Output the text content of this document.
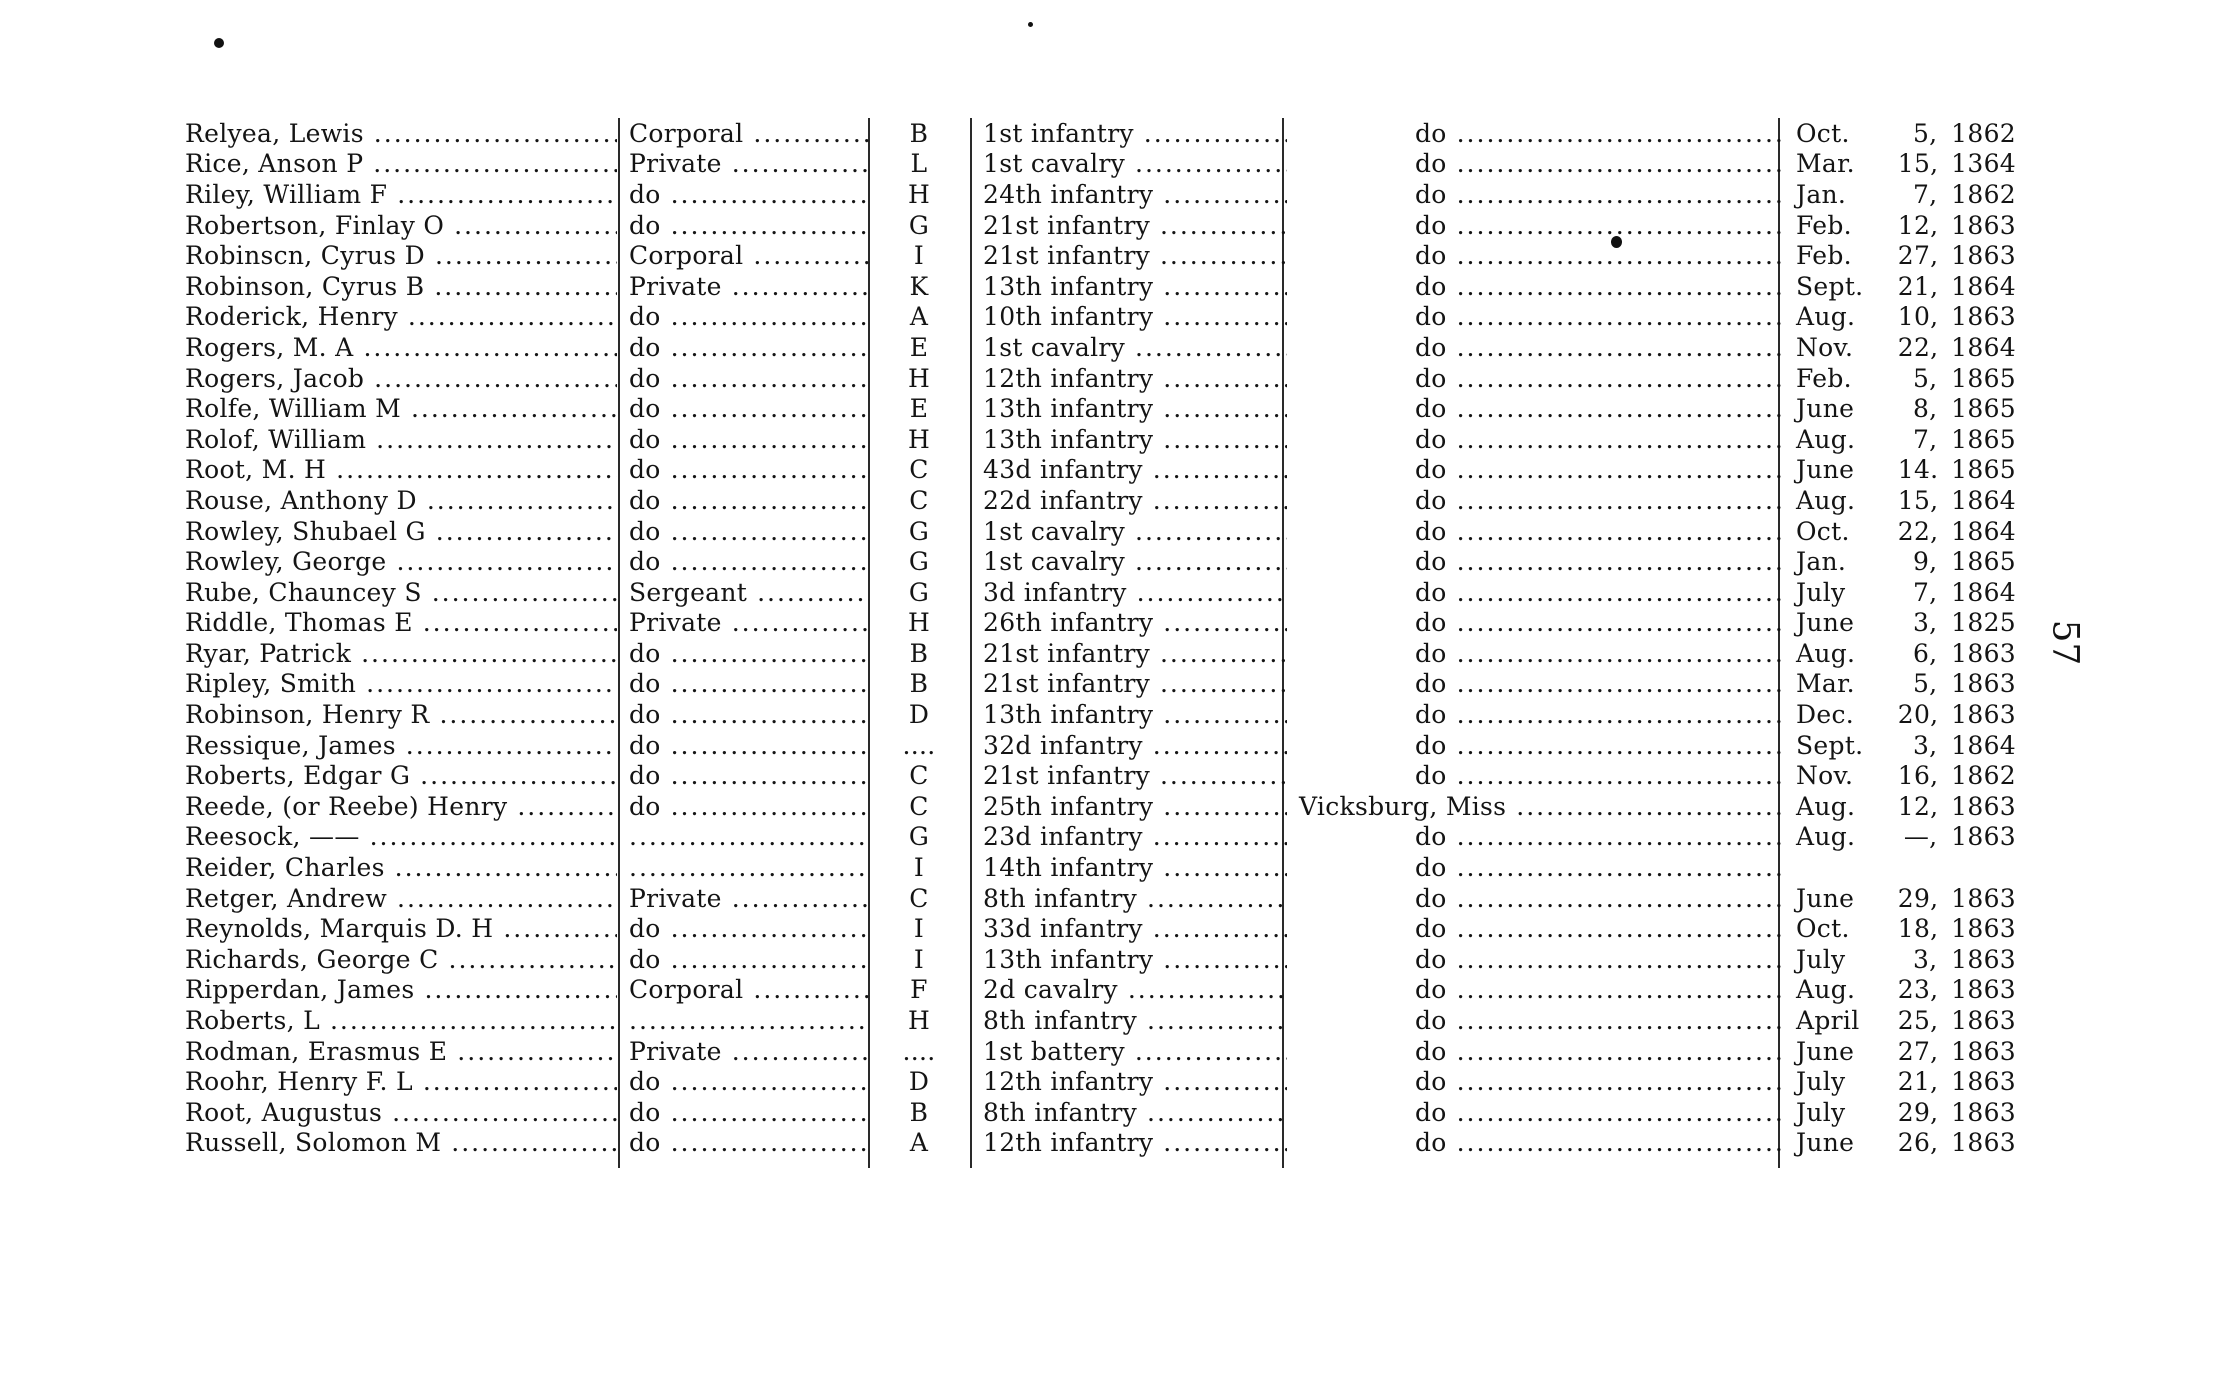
Relyea, Lewis .....	Corporal .....	B	1st infantry .....	do .....	Oct.	5, 1862
Rice, Anson P .....	Private .....	L	1st cavalry .....	do .....	Mar.	15, 1364
Riley, William F .....	do .....	H	24th infantry .....	do .....	Jan.	7, 1862
Robertson, Finlay O .....	do .....	G	21st infantry .....	do .....	Feb.	12, 1863
Robinscn, Cyrus D .....	Corporal .....	I	21st infantry .....	do .....	Feb.	27, 1863
Robinson, Cyrus B .....	Private .....	K	13th infantry .....	do .....	Sept.	21, 1864
Roderick, Henry .....	do .....	A	10th infantry .....	do .....	Aug.	10, 1863
Rogers, M. A .....	do .....	E	1st cavalry .....	do .....	Nov.	22, 1864
Rogers, Jacob .....	do .....	H	12th infantry .....	do .....	Feb.	5, 1865
Rolfe, William M .....	do .....	E	13th infantry .....	do .....	June	8, 1865
Rolof, William .....	do .....	H	13th infantry .....	do .....	Aug.	7, 1865
Root, M. H .....	do .....	C	43d infantry .....	do .....	June	14. 1865
Rouse, Anthony D .....	do .....	C	22d infantry .....	do .....	Aug.	15, 1864
Rowley, Shubael G .....	do .....	G	1st cavalry .....	do .....	Oct.	22, 1864
Rowley, George .....	do .....	G	1st cavalry .....	do .....	Jan.	9, 1865
Rube, Chauncey S .....	Sergeant .....	G	3d infantry .....	do .....	July	7, 1864
Riddle, Thomas E .....	Private .....	H	26th infantry .....	do .....	June	3, 1825
Ryar, Patrick .....	do .....	B	21st infantry .....	do .....	Aug.	6, 1863
Ripley, Smith .....	do .....	B	21st infantry .....	do .....	Mar.	5, 1863
Robinson, Henry R .....	do .....	D	13th infantry .....	do .....	Dec.	20, 1863
Ressique, James .....	do .....	....	32d infantry .....	do .....	Sept.	3, 1864
Roberts, Edgar G .....	do .....	C	21st infantry .....	do .....	Nov.	16, 1862
Reede, (or Reebe) Henry .....	do .....	C	25th infantry .....	Vicksburg, Miss .....	Aug.	12, 1863
Reesock, —— ..... .....	G	23d infantry .....	do .....	Aug.	—, 1863
Reider, Charles ..... .....	I	14th infantry .....	do .....
Retger, Andrew .....	Private .....	C	8th infantry .....	do .....	June	29, 1863
Reynolds, Marquis D. H .....	do .....	I	33d infantry .....	do .....	Oct.	18, 1863
Richards, George C .....	do .....	I	13th infantry .....	do .....	July	3, 1863
Ripperdan, James .....	Corporal .....	F	2d cavalry .....	do .....	Aug.	23, 1863
Roberts, L ..... .....	H	8th infantry .....	do .....	April	25, 1863
Rodman, Erasmus E .....	Private .....	....	1st battery .....	do .....	June	27, 1863
Roohr, Henry F. L .....	do .....	D	12th infantry .....	do .....	July	21, 1863
Root, Augustus .....	do .....	B	8th infantry .....	do .....	July	29, 1863
Russell, Solomon M .....	do .....	A	12th infantry .....	do .....	June	26, 1863
57
